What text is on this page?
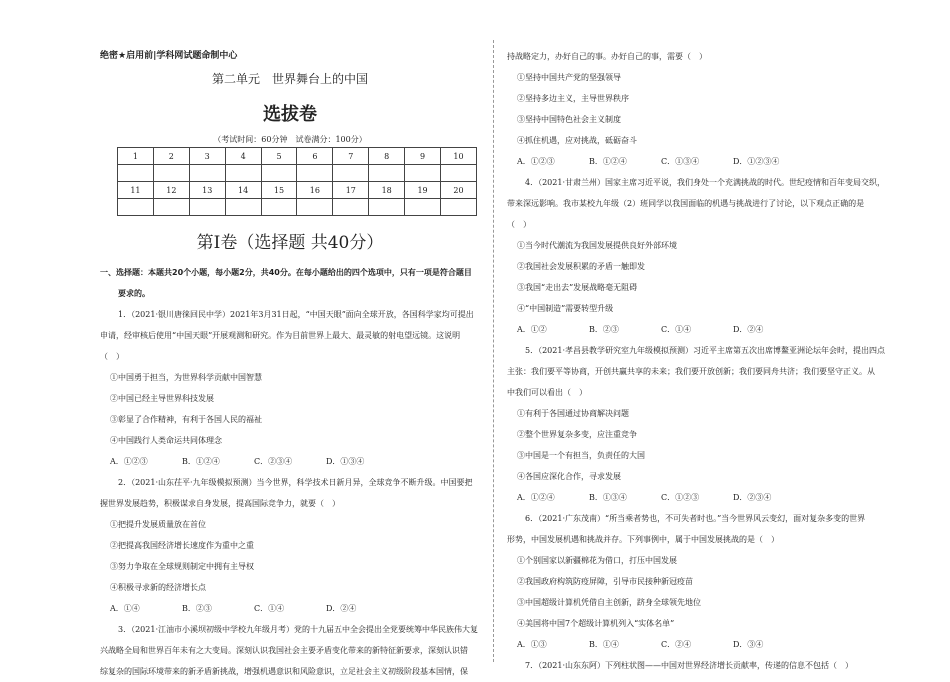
绝密★启用前|学科网试题命制中心
第二单元　世界舞台上的中国
选拔卷
（考试时间：60分钟　试卷满分：100分）
1	2	3	4	5	6	7	8	9	10

11	12	13	14	15	16	17	18	19	20

第Ⅰ卷（选择题 共40分）
一、选择题：本题共20个小题，每小题2分，共40分。在每小题给出的四个选项中，只有一项是符合题目
要求的。
1．（2021·银川唐徕回民中学）2021年3月31日起，“中国天眼”面向全球开放，各国科学家均可提出
申请，经审核后使用“中国天眼”开展观测和研究。作为目前世界上最大、最灵敏的射电望远镜。这说明
（　）
①中国勇于担当，为世界科学贡献中国智慧
②中国已经主导世界科技发展
③彰显了合作精神，有利于各国人民的福祉
④中国践行人类命运共同体理念
A．①②③	B．①②④	C．②③④	D．①③④
2．（2021·山东茌平·九年级模拟预测）当今世界，科学技术日新月异，全球竞争不断升级。中国要把
握世界发展趋势，积极谋求自身发展，提高国际竞争力，就要（　）
①把提升发展质量放在首位
②把提高我国经济增长速度作为重中之重
③努力争取在全球规则制定中拥有主导权
④积极寻求新的经济增长点
A．①④	B．②③	C．①④	D．②④
3．（2021·江油市小溪坝初级中学校九年级月考）党的十九届五中全会提出全党要统筹中华民族伟大复
兴战略全局和世界百年未有之大变局。深刻认识我国社会主要矛盾变化带来的新特征新要求，深刻认识错
综复杂的国际环境带来的新矛盾新挑战，增强机遇意识和风险意识，立足社会主义初级阶段基本国情，保
持战略定力，办好自己的事。办好自己的事，需要（　）
①坚持中国共产党的坚强领导
②坚持多边主义，主导世界秩序
③坚持中国特色社会主义制度
④抓住机遇，应对挑战，砥砺奋斗
A．①②③	B．①②④	C．①③④	D．①②③④
4．（2021·甘肃兰州）国家主席习近平说，我们身处一个充满挑战的时代。世纪疫情和百年变局交织，
带来深远影响。我市某校九年级（2）班同学以我国面临的机遇与挑战进行了讨论，以下观点正确的是
（　）
①当今时代潮流为我国发展提供良好外部环境
②我国社会发展积累的矛盾一触即发
③我国“走出去”发展战略毫无阻碍
④“中国制造”需要转型升级
A．①②	B．②③	C．①④	D．②④
5．（2021·孝昌县教学研究室九年级模拟预测）习近平主席第五次出席博鳌亚洲论坛年会时，提出四点
主张：我们要平等协商，开创共赢共享的未来；我们要开放创新；我们要同舟共济；我们要坚守正义。从
中我们可以看出（　）
①有利于各国通过协商解决问题
②整个世界复杂多变，应注重竞争
③中国是一个有担当，负责任的大国
④各国应深化合作，寻求发展
A．①②④	B．①③④	C．①②③	D．②③④
6．（2021·广东茂南）“所当乘者势也，不可失者时也。”当今世界风云变幻，面对复杂多变的世界
形势，中国发展机遇和挑战并存。下列事例中，属于中国发展挑战的是（　）
①个别国家以新疆棉花为借口，打压中国发展
②我国政府构筑防疫屏障，引导市民接种新冠疫苗
③中国超级计算机凭借自主创新，跻身全球领先地位
④美国将中国7个超级计算机列入“实体名单”
A．①③	B．①④	C．②④	D．③④
7．（2021·山东东阿）下列柱状图——中国对世界经济增长贡献率，传递的信息不包括（　）
